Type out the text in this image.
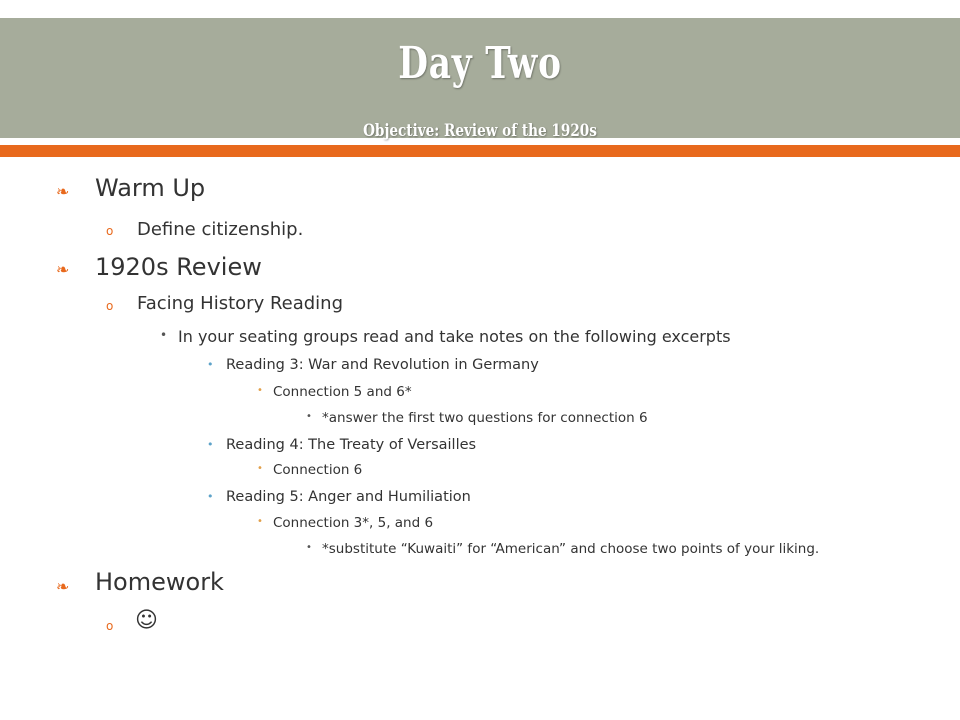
Day Two
Objective: Review of the 1920s
❧ Warm Up
o Define citizenship.
❧ 1920s Review
o Facing History Reading
• In your seating groups read and take notes on the following excerpts
• Reading 3: War and Revolution in Germany
• Connection 5 and 6*
• *answer the first two questions for connection 6
• Reading 4: The Treaty of Versailles
• Connection 6
• Reading 5: Anger and Humiliation
• Connection 3*, 5, and 6
• *substitute “Kuwaiti” for “American” and choose two points of your liking.
❧ Homework
o ☺
